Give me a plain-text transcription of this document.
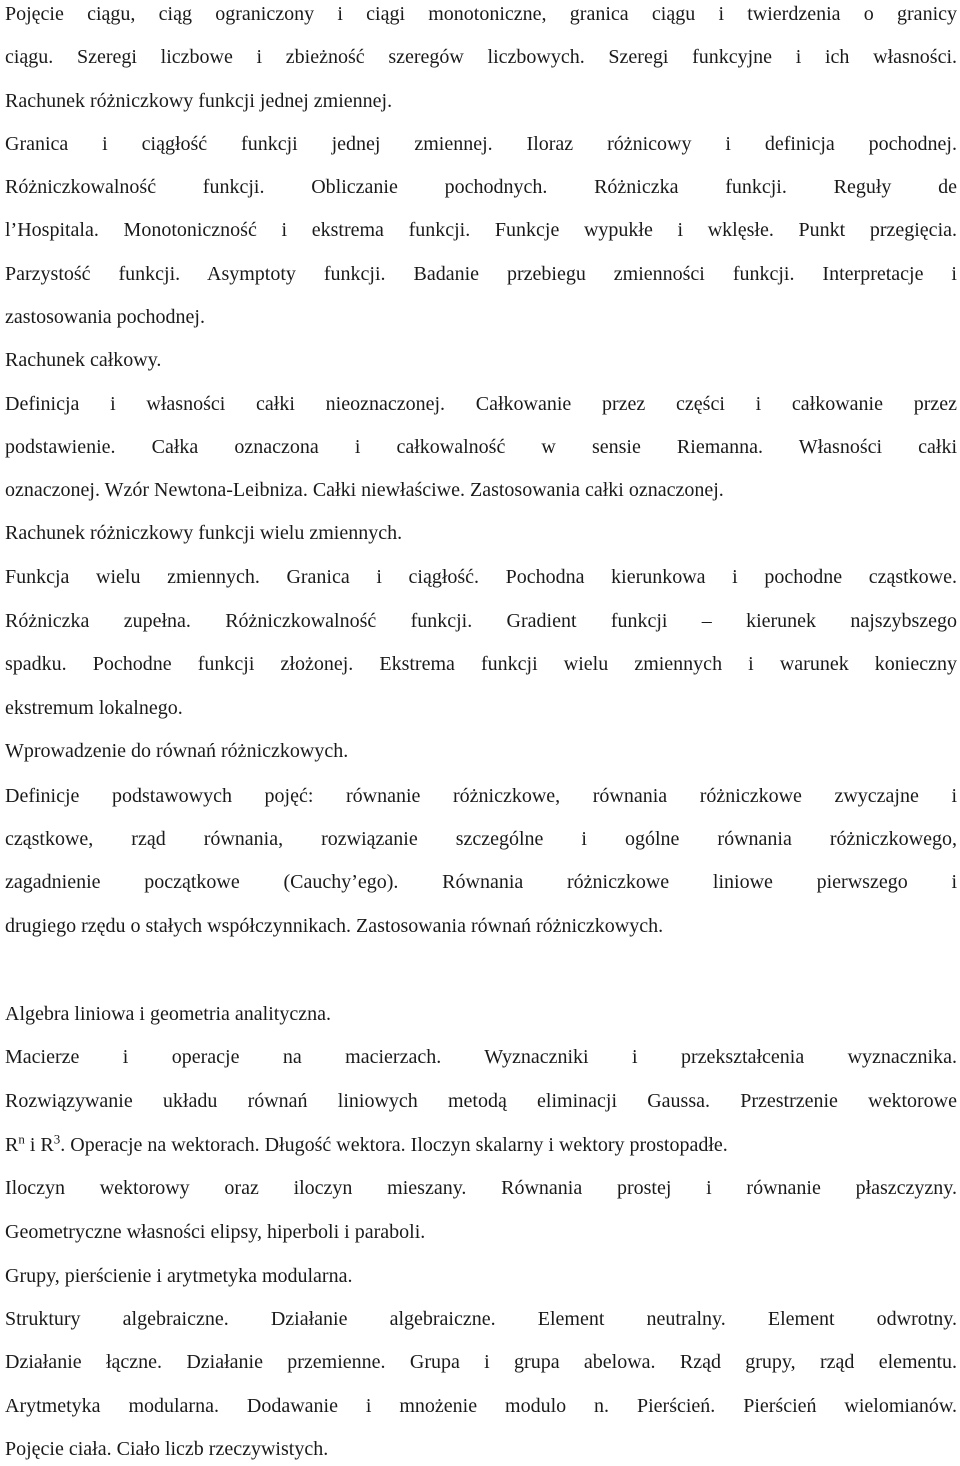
Pojęcie ciągu, ciąg ograniczony i ciągi monotoniczne, granica ciągu i twierdzenia o granicy
ciągu. Szeregi liczbowe i zbieżność szeregów liczbowych. Szeregi funkcyjne i ich własności.
Rachunek różniczkowy funkcji jednej zmiennej.
Granica i ciągłość funkcji jednej zmiennej. Iloraz różnicowy i definicja pochodnej.
Różniczkowalność funkcji. Obliczanie pochodnych. Różniczka funkcji. Reguły de
l’Hospitala. Monotoniczność i ekstrema funkcji. Funkcje wypukłe i wklęsłe. Punkt przegięcia.
Parzystość funkcji. Asymptoty funkcji. Badanie przebiegu zmienności funkcji. Interpretacje i
zastosowania pochodnej.
Rachunek całkowy.
Definicja i własności całki nieoznaczonej. Całkowanie przez części i całkowanie przez
podstawienie. Całka oznaczona i całkowalność w sensie Riemanna. Własności całki
oznaczonej. Wzór Newtona-Leibniza. Całki niewłaściwe. Zastosowania całki oznaczonej.
Rachunek różniczkowy funkcji wielu zmiennych.
Funkcja wielu zmiennych. Granica i ciągłość. Pochodna kierunkowa i pochodne cząstkowe.
Różniczka zupełna. Różniczkowalność funkcji. Gradient funkcji – kierunek najszybszego
spadku. Pochodne funkcji złożonej. Ekstrema funkcji wielu zmiennych i warunek konieczny
ekstremum lokalnego.
Wprowadzenie do równań różniczkowych.
Definicje podstawowych pojęć: równanie różniczkowe, równania różniczkowe zwyczajne i
cząstkowe, rząd równania, rozwiązanie szczególne i ogólne równania różniczkowego,
zagadnienie początkowe (Cauchy’ego). Równania różniczkowe liniowe pierwszego i
drugiego rzędu o stałych współczynnikach. Zastosowania równań różniczkowych.
Algebra liniowa i geometria analityczna.
Macierze i operacje na macierzach. Wyznaczniki i przekształcenia wyznacznika.
Rozwiązywanie układu równań liniowych metodą eliminacji Gaussa. Przestrzenie wektorowe
$R^n$ i $R^3$. Operacje na wektorach. Długość wektora. Iloczyn skalarny i wektory prostopadłe.
Iloczyn wektorowy oraz iloczyn mieszany. Równania prostej i równanie płaszczyzny.
Geometryczne własności elipsy, hiperboli i paraboli.
Grupy, pierścienie i arytmetyka modularna.
Struktury algebraiczne. Działanie algebraiczne. Element neutralny. Element odwrotny.
Działanie łączne. Działanie przemienne. Grupa i grupa abelowa. Rząd grupy, rząd elementu.
Arytmetyka modularna. Dodawanie i mnożenie modulo n. Pierścień. Pierścień wielomianów.
Pojęcie ciała. Ciało liczb rzeczywistych.
